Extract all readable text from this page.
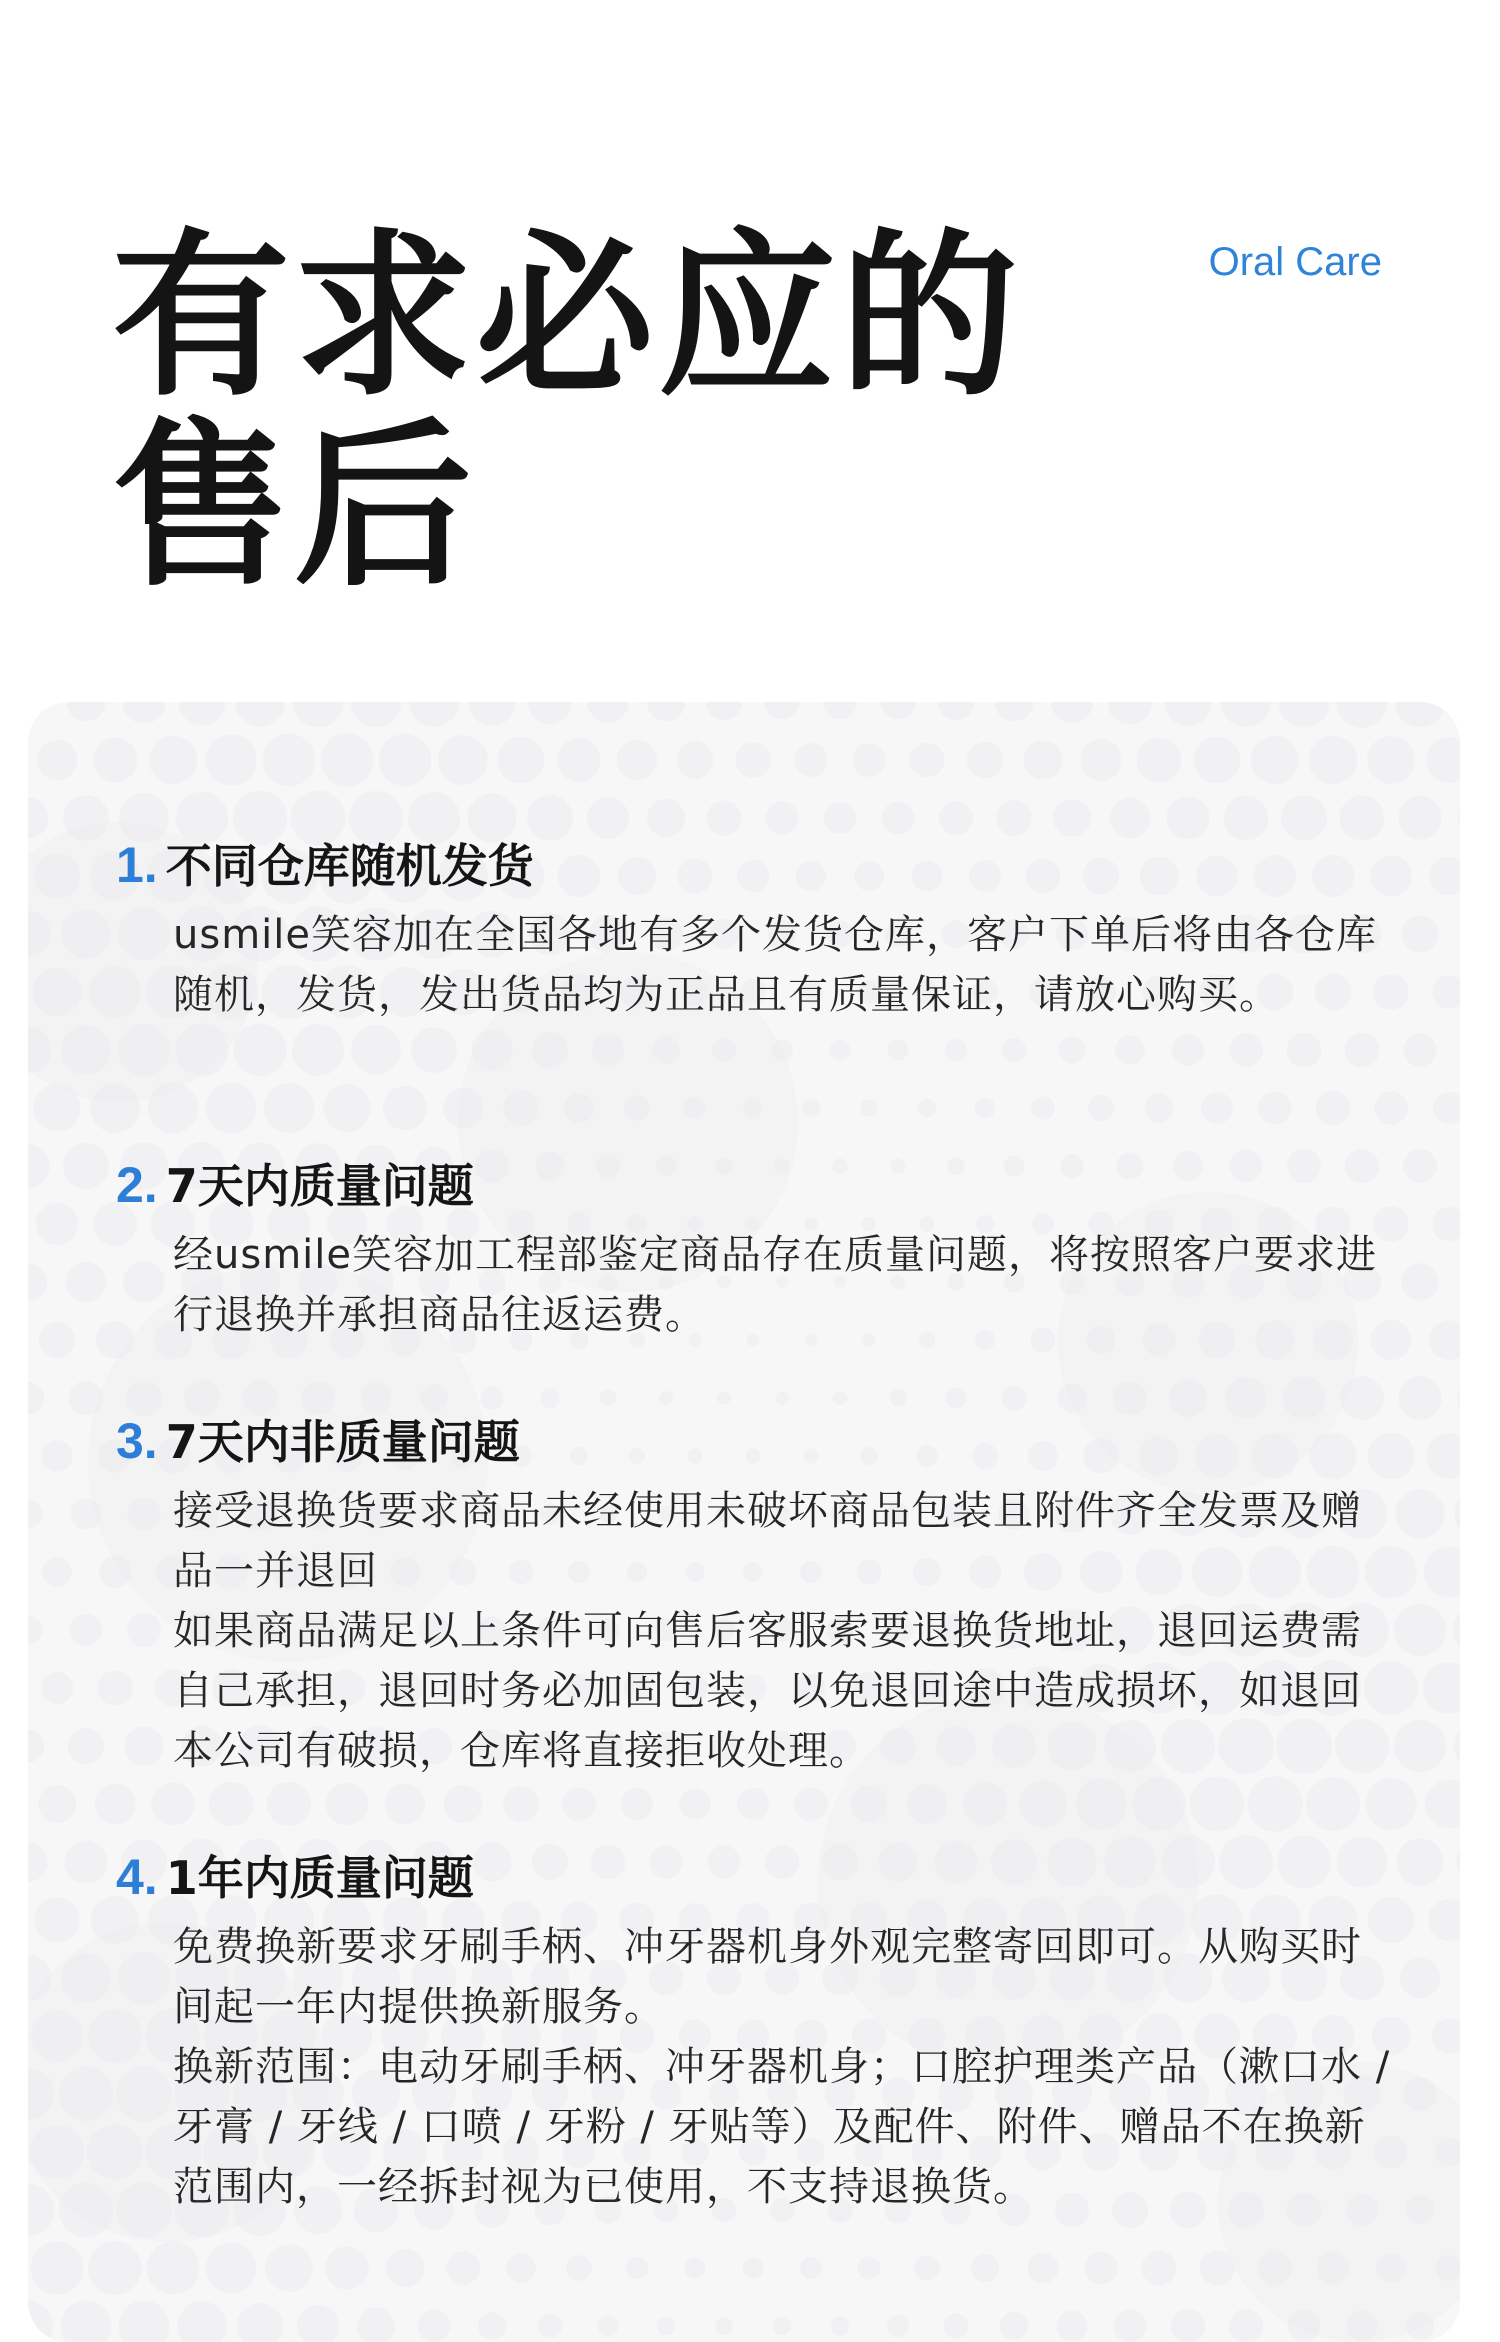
有求必应的
售后
Oral Care
1. 不同仓库随机发货

usmile笑容加在全国各地有多个发货仓库，客户下单后将由各仓库随机，发货，发出货品均为正品且有质量保证，请放心购买。

2. 7天内质量问题

经usmile笑容加工程部鉴定商品存在质量问题，将按照客户要求进行退换并承担商品往返运费。

3. 7天内非质量问题

接受退换货要求商品未经使用未破坏商品包装且附件齐全发票及赠品一并退回

如果商品满足以上条件可向售后客服索要退换货地址，退回运费需自己承担，退回时务必加固包装，以免退回途中造成损坏，如退回本公司有破损，仓库将直接拒收处理。

4. 1年内质量问题

免费换新要求牙刷手柄、冲牙器机身外观完整寄回即可。从购买时间起一年内提供换新服务。

换新范围：电动牙刷手柄、冲牙器机身；口腔护理类产品（漱口水 / 牙膏 / 牙线 / 口喷 / 牙粉 / 牙贴等）及配件、附件、赠品不在换新范围内，一经拆封视为已使用，不支持退换货。
